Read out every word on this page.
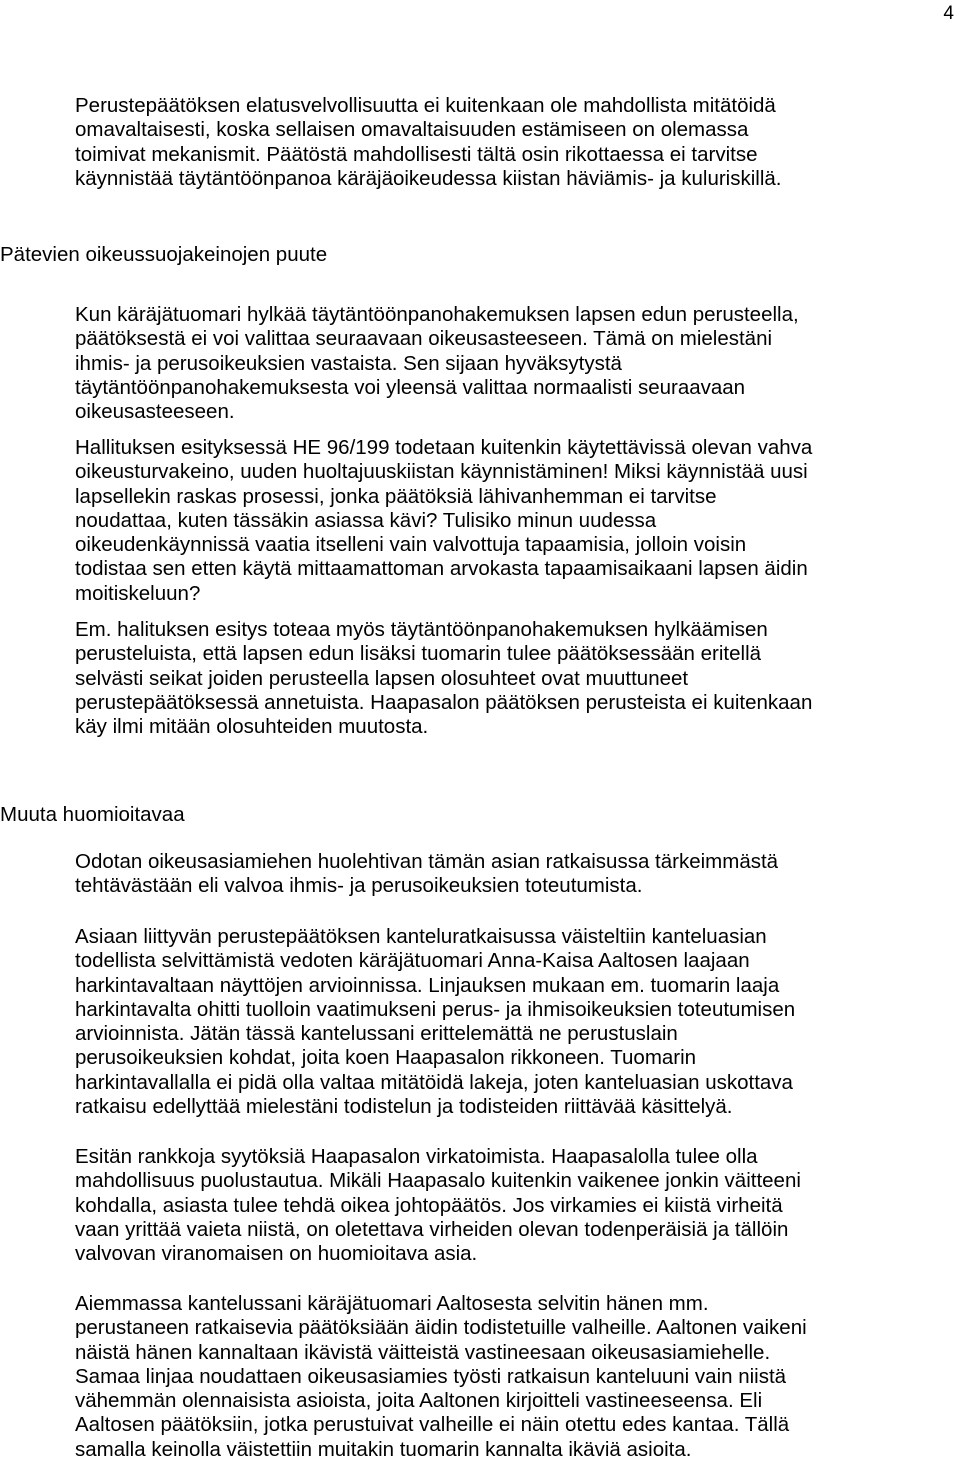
4
Perustepäätöksen elatusvelvollisuutta ei kuitenkaan ole mahdollista mitätöidä
omavaltaisesti, koska sellaisen omavaltaisuuden estämiseen on olemassa
toimivat mekanismit. Päätöstä mahdollisesti tältä osin rikottaessa ei tarvitse
käynnistää täytäntöönpanoa käräjäoikeudessa kiistan häviämis- ja kuluriskillä.
Pätevien oikeussuojakeinojen puute
Kun käräjätuomari hylkää täytäntöönpanohakemuksen lapsen edun perusteella,
päätöksestä ei voi valittaa seuraavaan oikeusasteeseen. Tämä on mielestäni
ihmis- ja perusoikeuksien vastaista. Sen sijaan hyväksytystä
täytäntöönpanohakemuksesta voi yleensä valittaa normaalisti seuraavaan
oikeusasteeseen.
Hallituksen esityksessä HE 96/199 todetaan kuitenkin käytettävissä olevan vahva
oikeusturvakeino, uuden huoltajuuskiistan käynnistäminen! Miksi käynnistää uusi
lapsellekin raskas prosessi, jonka päätöksiä lähivanhemman ei tarvitse
noudattaa, kuten tässäkin asiassa kävi? Tulisiko minun uudessa
oikeudenkäynnissä vaatia itselleni vain valvottuja tapaamisia, jolloin voisin
todistaa sen etten käytä mittaamattoman arvokasta tapaamisaikaani lapsen äidin
moitiskeluun?
Em. halituksen esitys toteaa myös täytäntöönpanohakemuksen hylkäämisen
perusteluista, että lapsen edun lisäksi tuomarin tulee päätöksessään eritellä
selvästi seikat joiden perusteella lapsen olosuhteet ovat muuttuneet
perustepäätöksessä annetuista. Haapasalon päätöksen perusteista ei kuitenkaan
käy ilmi mitään olosuhteiden muutosta.
Muuta huomioitavaa
Odotan oikeusasiamiehen huolehtivan tämän asian ratkaisussa tärkeimmästä
tehtävästään eli valvoa ihmis- ja perusoikeuksien toteutumista.
Asiaan liittyvän perustepäätöksen kanteluratkaisussa väisteltiin kanteluasian
todellista selvittämistä vedoten käräjätuomari Anna-Kaisa Aaltosen laajaan
harkintavaltaan näyttöjen arvioinnissa. Linjauksen mukaan em. tuomarin laaja
harkintavalta ohitti tuolloin vaatimukseni perus- ja ihmisoikeuksien toteutumisen
arvioinnista. Jätän tässä kantelussani erittelemättä ne perustuslain
perusoikeuksien kohdat, joita koen Haapasalon rikkoneen. Tuomarin
harkintavallalla ei pidä olla valtaa mitätöidä lakeja, joten kanteluasian uskottava
ratkaisu edellyttää mielestäni todistelun ja todisteiden riittävää käsittelyä.
Esitän rankkoja syytöksiä Haapasalon virkatoimista. Haapasalolla tulee olla
mahdollisuus puolustautua. Mikäli Haapasalo kuitenkin vaikenee jonkin väitteeni
kohdalla, asiasta tulee tehdä oikea johtopäätös. Jos virkamies ei kiistä virheitä
vaan yrittää vaieta niistä, on oletettava virheiden olevan todenperäisiä ja tällöin
valvovan viranomaisen on huomioitava asia.
Aiemmassa kantelussani käräjätuomari Aaltosesta selvitin hänen mm.
perustaneen ratkaisevia päätöksiään äidin todistetuille valheille. Aaltonen vaikeni
näistä hänen kannaltaan ikävistä väitteistä vastineesaan oikeusasiamiehelle.
Samaa linjaa noudattaen oikeusasiamies työsti ratkaisun kanteluuni vain niistä
vähemmän olennaisista asioista, joita Aaltonen kirjoitteli vastineeseensa. Eli
Aaltosen päätöksiin, jotka perustuivat valheille ei näin otettu edes kantaa. Tällä
samalla keinolla väistettiin muitakin tuomarin kannalta ikäviä asioita.
